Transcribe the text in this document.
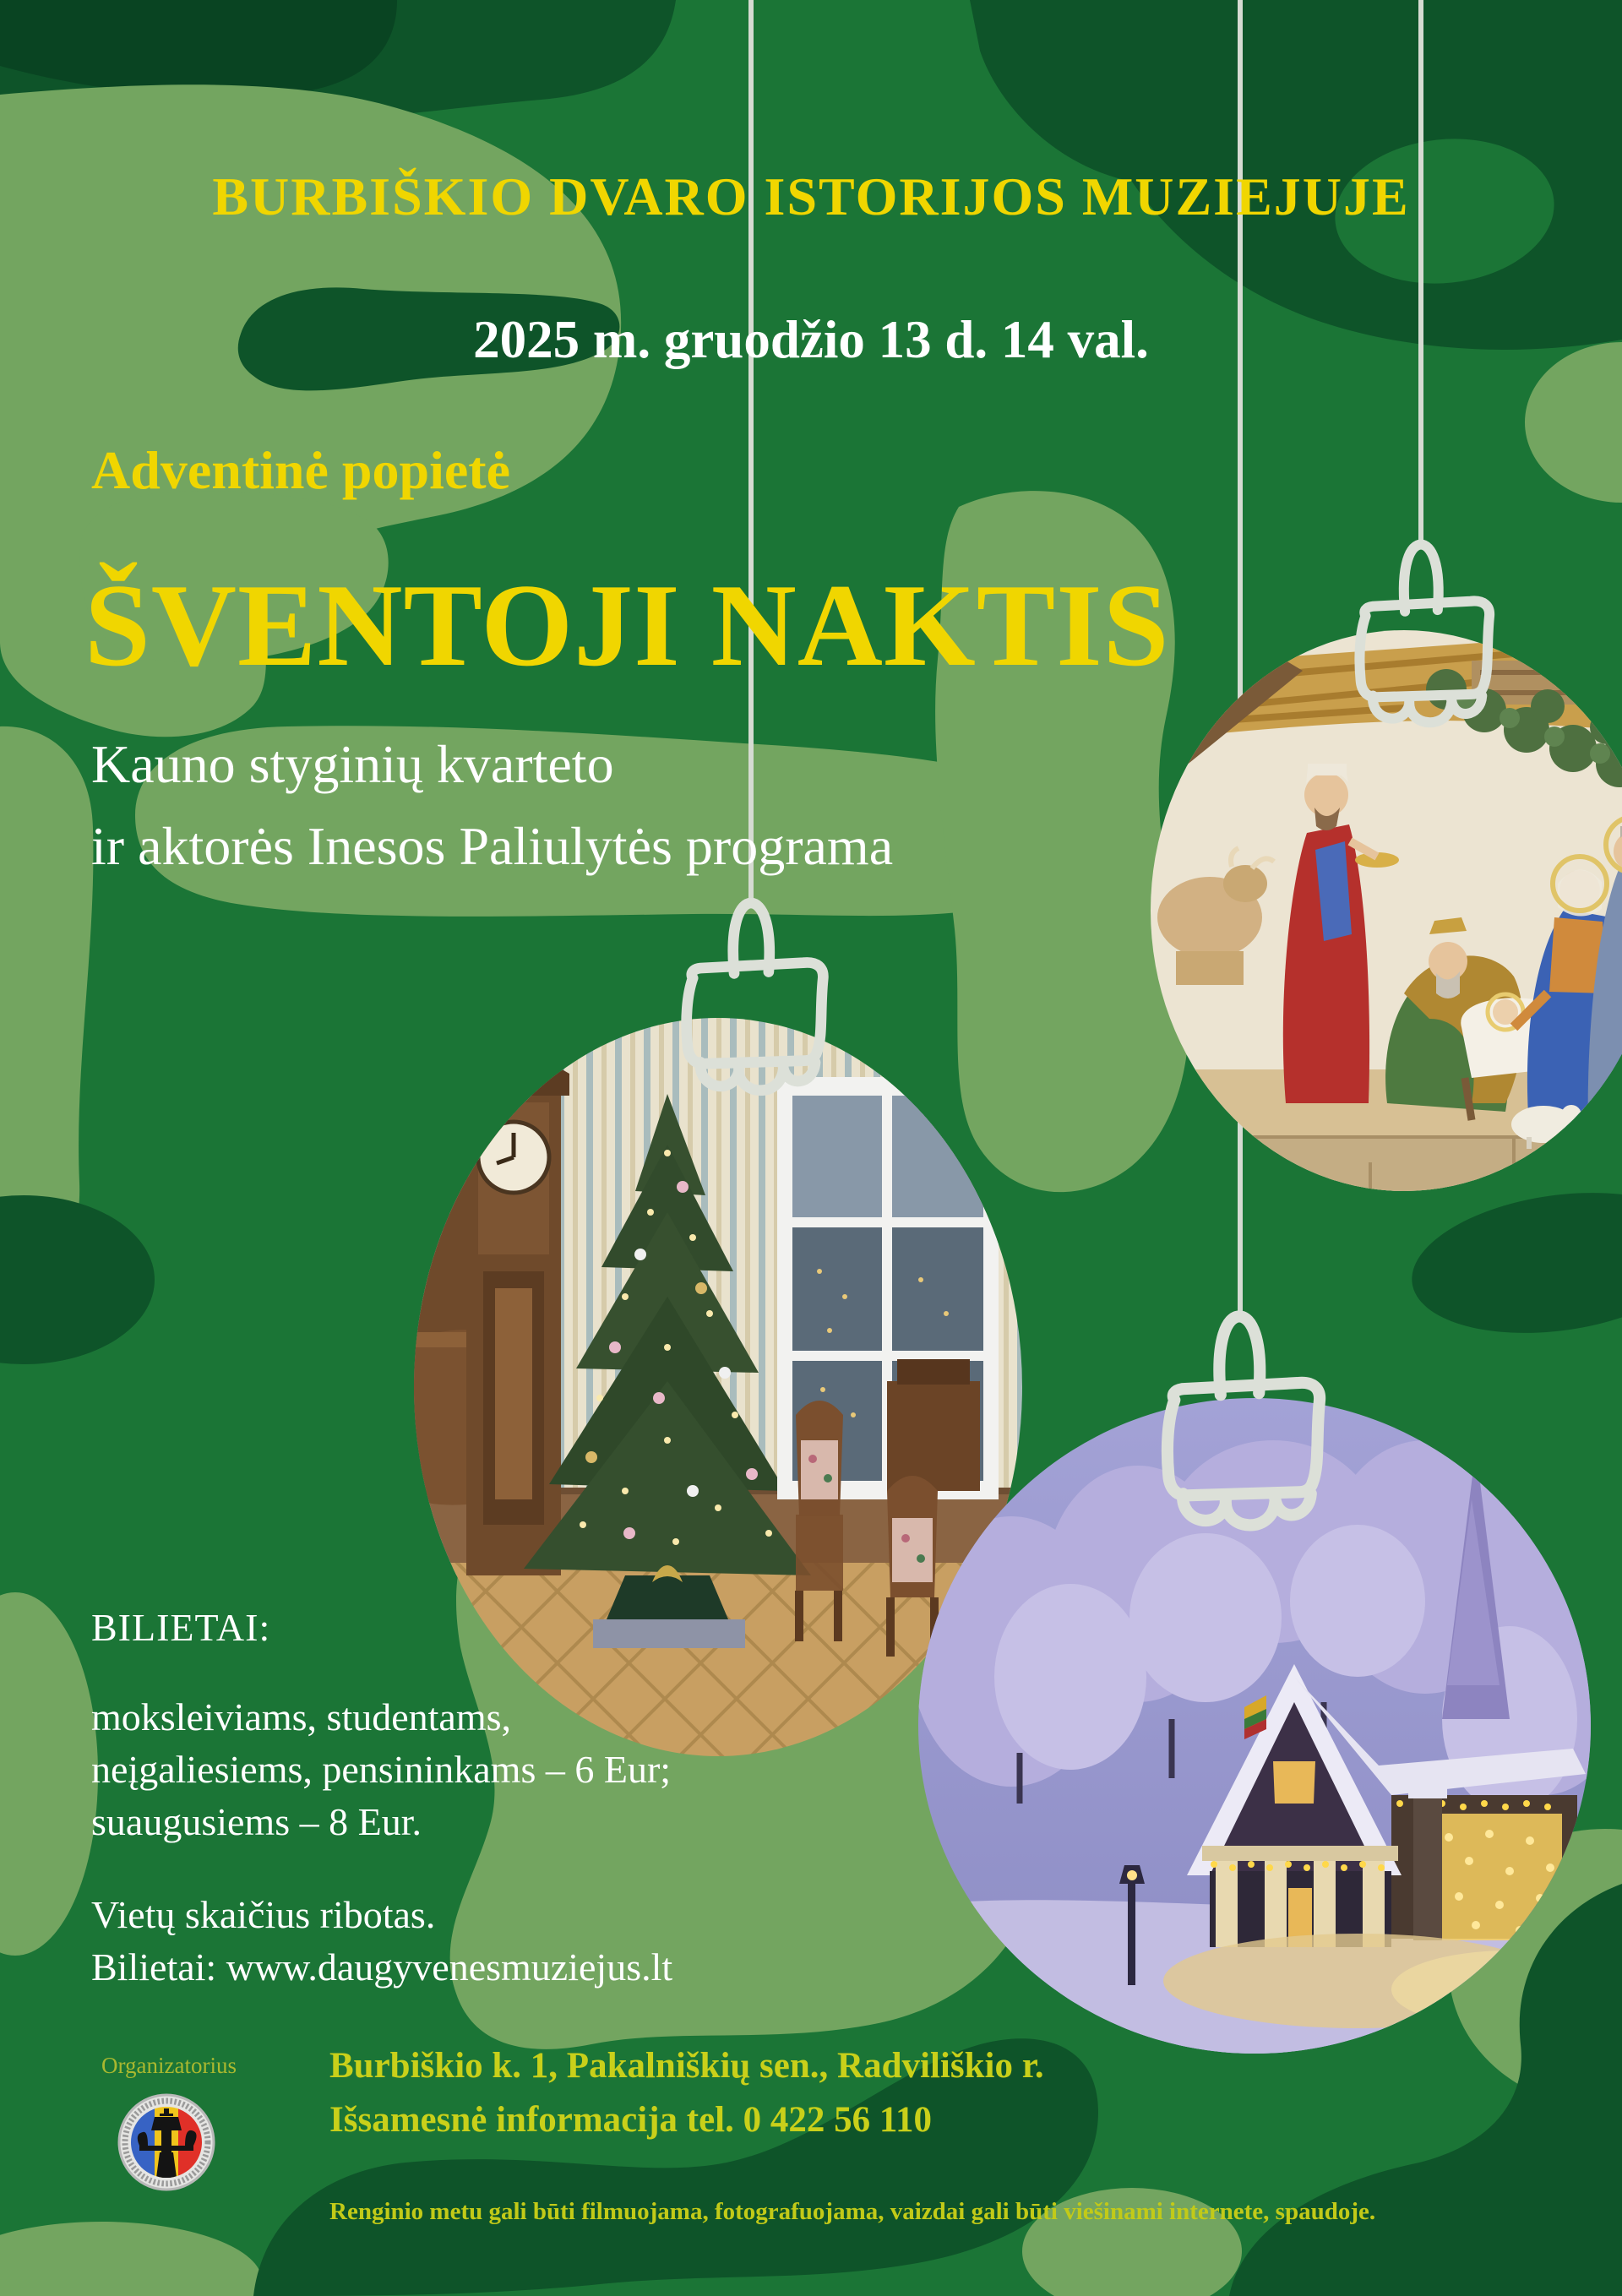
BURBIŠKIO DVARO ISTORIJOS MUZIEJUJE
2025 m. gruodžio 13 d. 14 val.
Adventinė popietė
ŠVENTOJI NAKTIS
Kauno styginių kvarteto
ir aktorės Inesos Paliulytės programa
BILIETAI:
moksleiviams, studentams,
neįgaliesiems, pensininkams – 6 Eur;
suaugusiems – 8 Eur.
Vietų skaičius ribotas.
Bilietai: www.daugyvenesmuziejus.lt
Organizatorius	Burbiškio k. 1, Pakalniškių sen., Radviliškio r.
Išsamesnė informacija tel. 0 422 56 110
Renginio metu gali būti filmuojama, fotografuojama, vaizdai gali būti viešinami internete, spaudoje.
